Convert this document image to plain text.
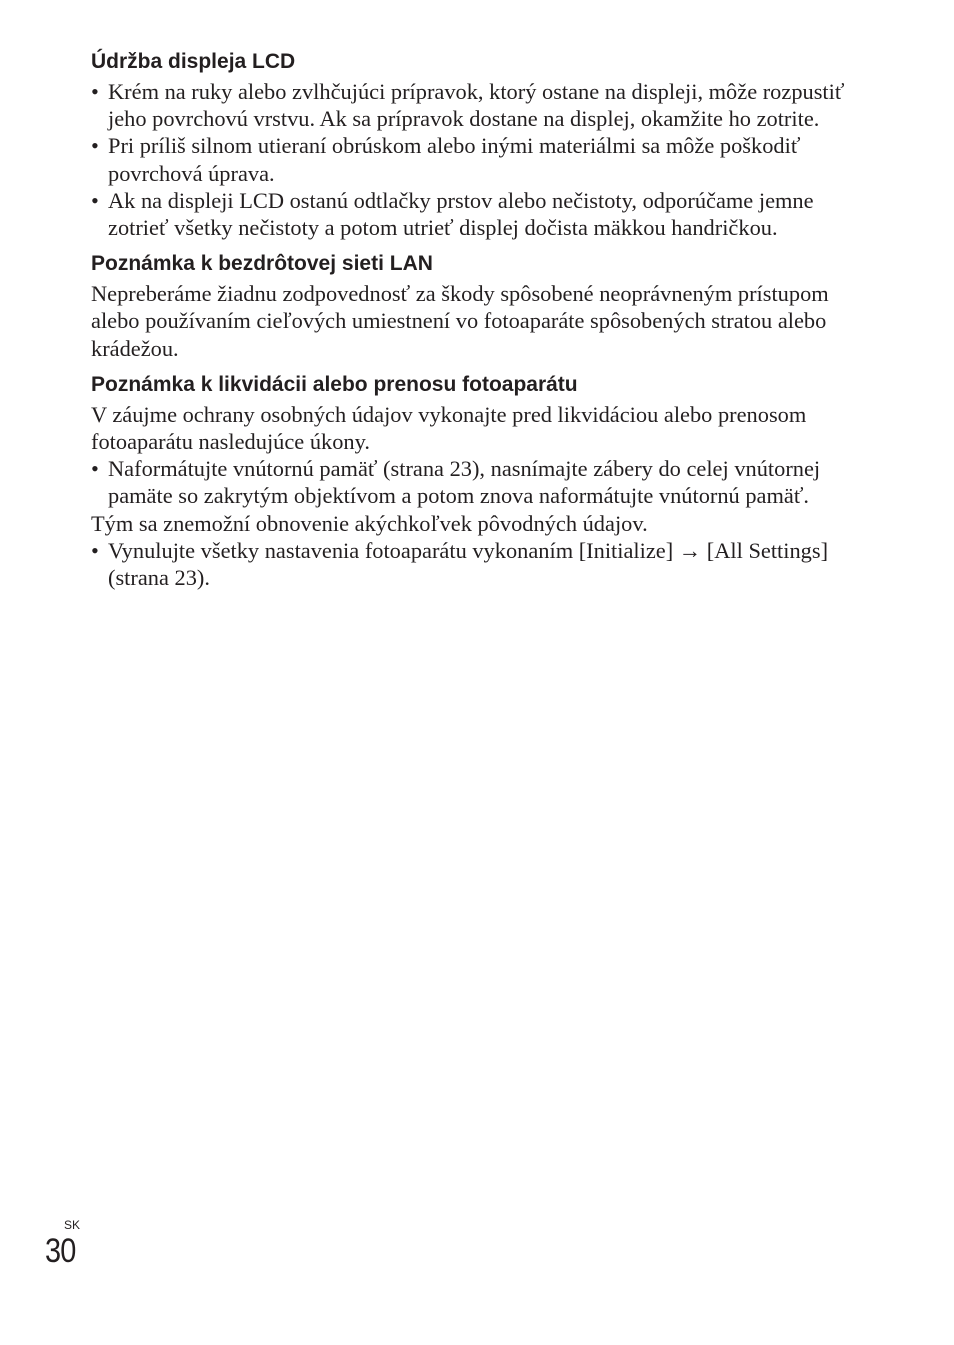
Údržba displeja LCD
• Krém na ruky alebo zvlhčujúci prípravok, ktorý ostane na displeji, môže rozpustiť jeho povrchovú vrstvu. Ak sa prípravok dostane na displej, okamžite ho zotrite.
• Pri príliš silnom utieraní obrúskom alebo inými materiálmi sa môže poškodiť povrchová úprava.
• Ak na displeji LCD ostanú odtlačky prstov alebo nečistoty, odporúčame jemne zotrieť všetky nečistoty a potom utrieť displej dočista mäkkou handričkou.
Poznámka k bezdrôtovej sieti LAN

Nepreberáme žiadnu zodpovednosť za škody spôsobené neoprávneným prístupom alebo používaním cieľových umiestnení vo fotoaparáte spôsobených stratou alebo krádežou.

Poznámka k likvidácii alebo prenosu fotoaparátu

V záujme ochrany osobných údajov vykonajte pred likvidáciou alebo prenosom fotoaparátu nasledujúce úkony.

• Naformátujte vnútornú pamäť (strana 23), nasnímajte zábery do celej vnútornej pamäte so zakrytým objektívom a potom znova naformátujte vnútornú pamäť.

Tým sa znemožní obnovenie akýchkoľvek pôvodných údajov.

• Vynulujte všetky nastavenia fotoaparátu vykonaním [Initialize] → [All Settings] (strana 23).
SK
30
